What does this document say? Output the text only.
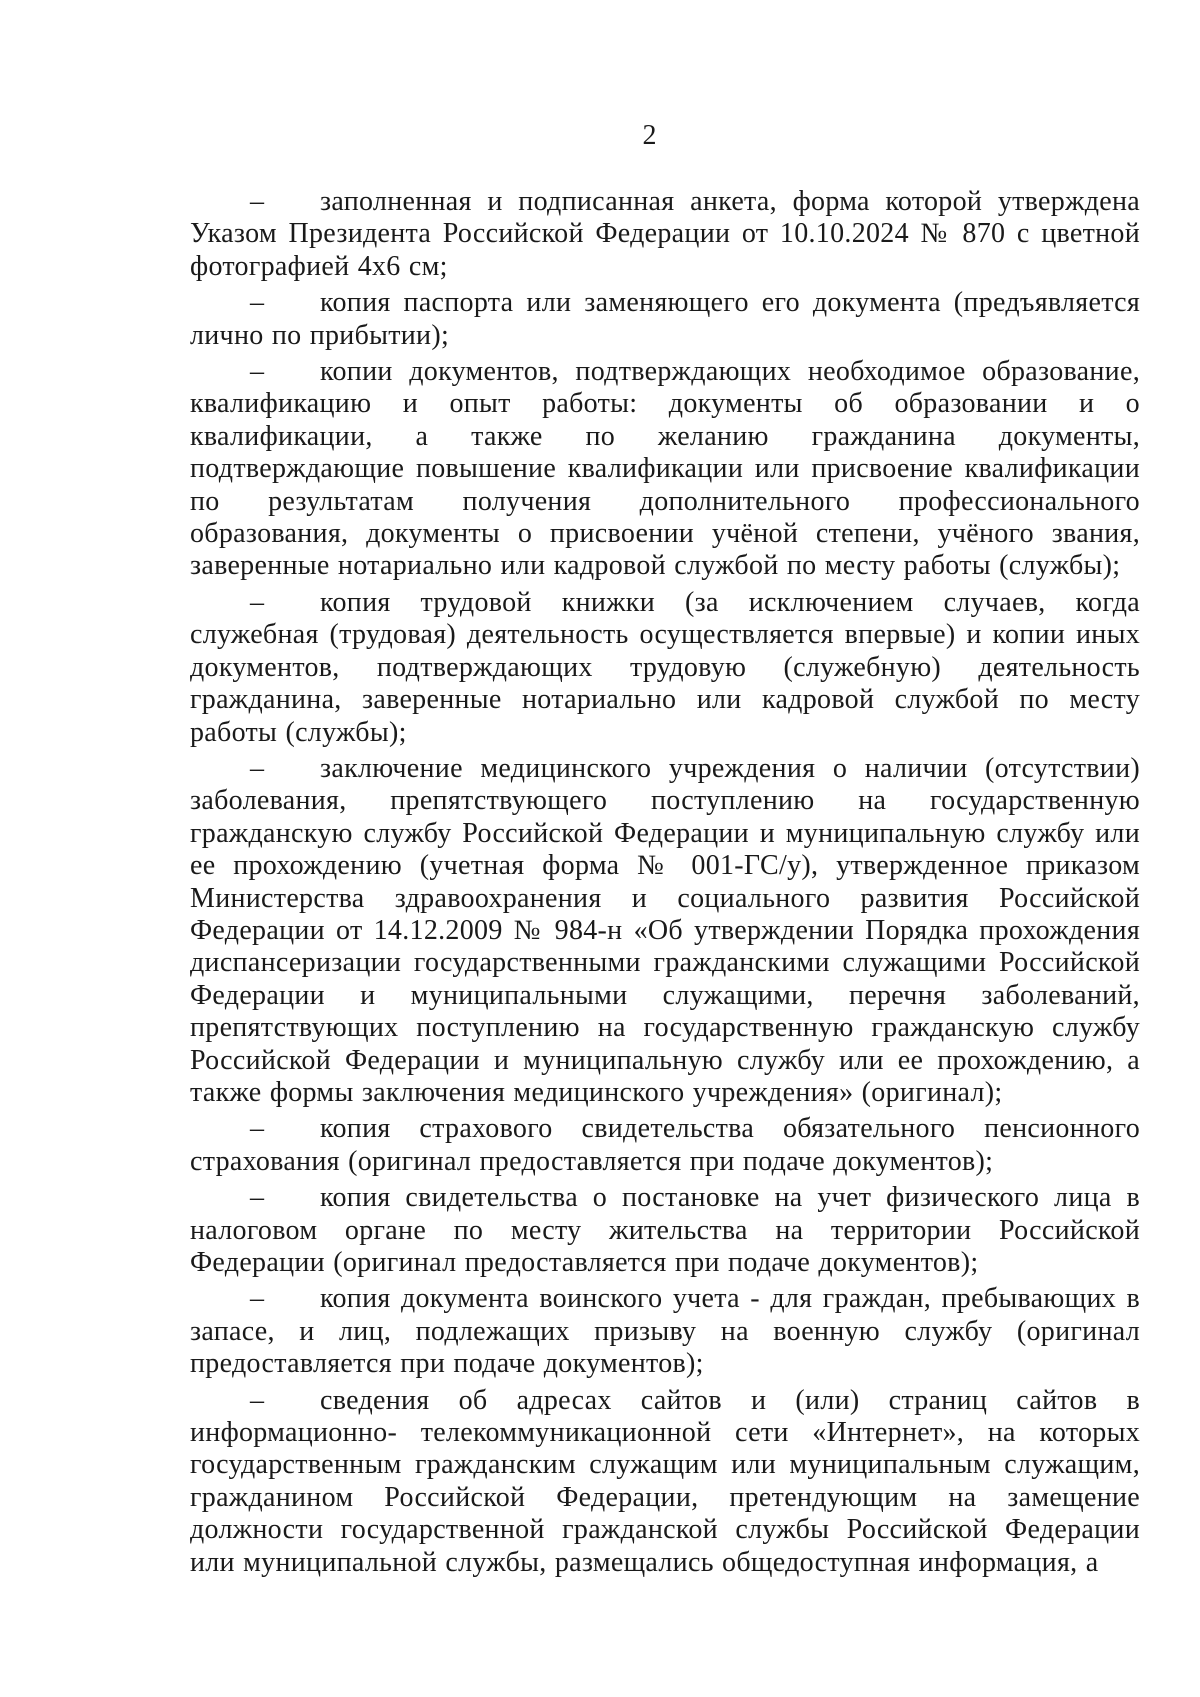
2

– заполненная и подписанная анкета, форма которой утверждена Указом Президента Российской Федерации от 10.10.2024 № 870 с цветной фотографией 4х6 см;

– копия паспорта или заменяющего его документа (предъявляется лично по прибытии);

– копии документов, подтверждающих необходимое образование, квалификацию и опыт работы: документы об образовании и о квалификации, а также по желанию гражданина документы, подтверждающие повышение квалификации или присвоение квалификации по результатам получения дополнительного профессионального образования, документы о присвоении учёной степени, учёного звания, заверенные нотариально или кадровой службой по месту работы (службы);

– копия трудовой книжки (за исключением случаев, когда служебная (трудовая) деятельность осуществляется впервые) и копии иных документов, подтверждающих трудовую (служебную) деятельность гражданина, заверенные нотариально или кадровой службой по месту работы (службы);

– заключение медицинского учреждения о наличии (отсутствии) заболевания, препятствующего поступлению на государственную гражданскую службу Российской Федерации и муниципальную службу или ее прохождению (учетная форма № 001-ГС/у), утвержденное приказом Министерства здравоохранения и социального развития Российской Федерации от 14.12.2009 № 984-н «Об утверждении Порядка прохождения диспансеризации государственными гражданскими служащими Российской Федерации и муниципальными служащими, перечня заболеваний, препятствующих поступлению на государственную гражданскую службу Российской Федерации и муниципальную службу или ее прохождению, а также формы заключения медицинского учреждения» (оригинал);

– копия страхового свидетельства обязательного пенсионного страхования (оригинал предоставляется при подаче документов);

– копия свидетельства о постановке на учет физического лица в налоговом органе по месту жительства на территории Российской Федерации (оригинал предоставляется при подаче документов);

– копия документа воинского учета - для граждан, пребывающих в запасе, и лиц, подлежащих призыву на военную службу (оригинал предоставляется при подаче документов);

– сведения об адресах сайтов и (или) страниц сайтов в информационно- телекоммуникационной сети «Интернет», на которых государственным гражданским служащим или муниципальным служащим, гражданином Российской Федерации, претендующим на замещение должности государственной гражданской службы Российской Федерации или муниципальной службы, размещались общедоступная информация, а
